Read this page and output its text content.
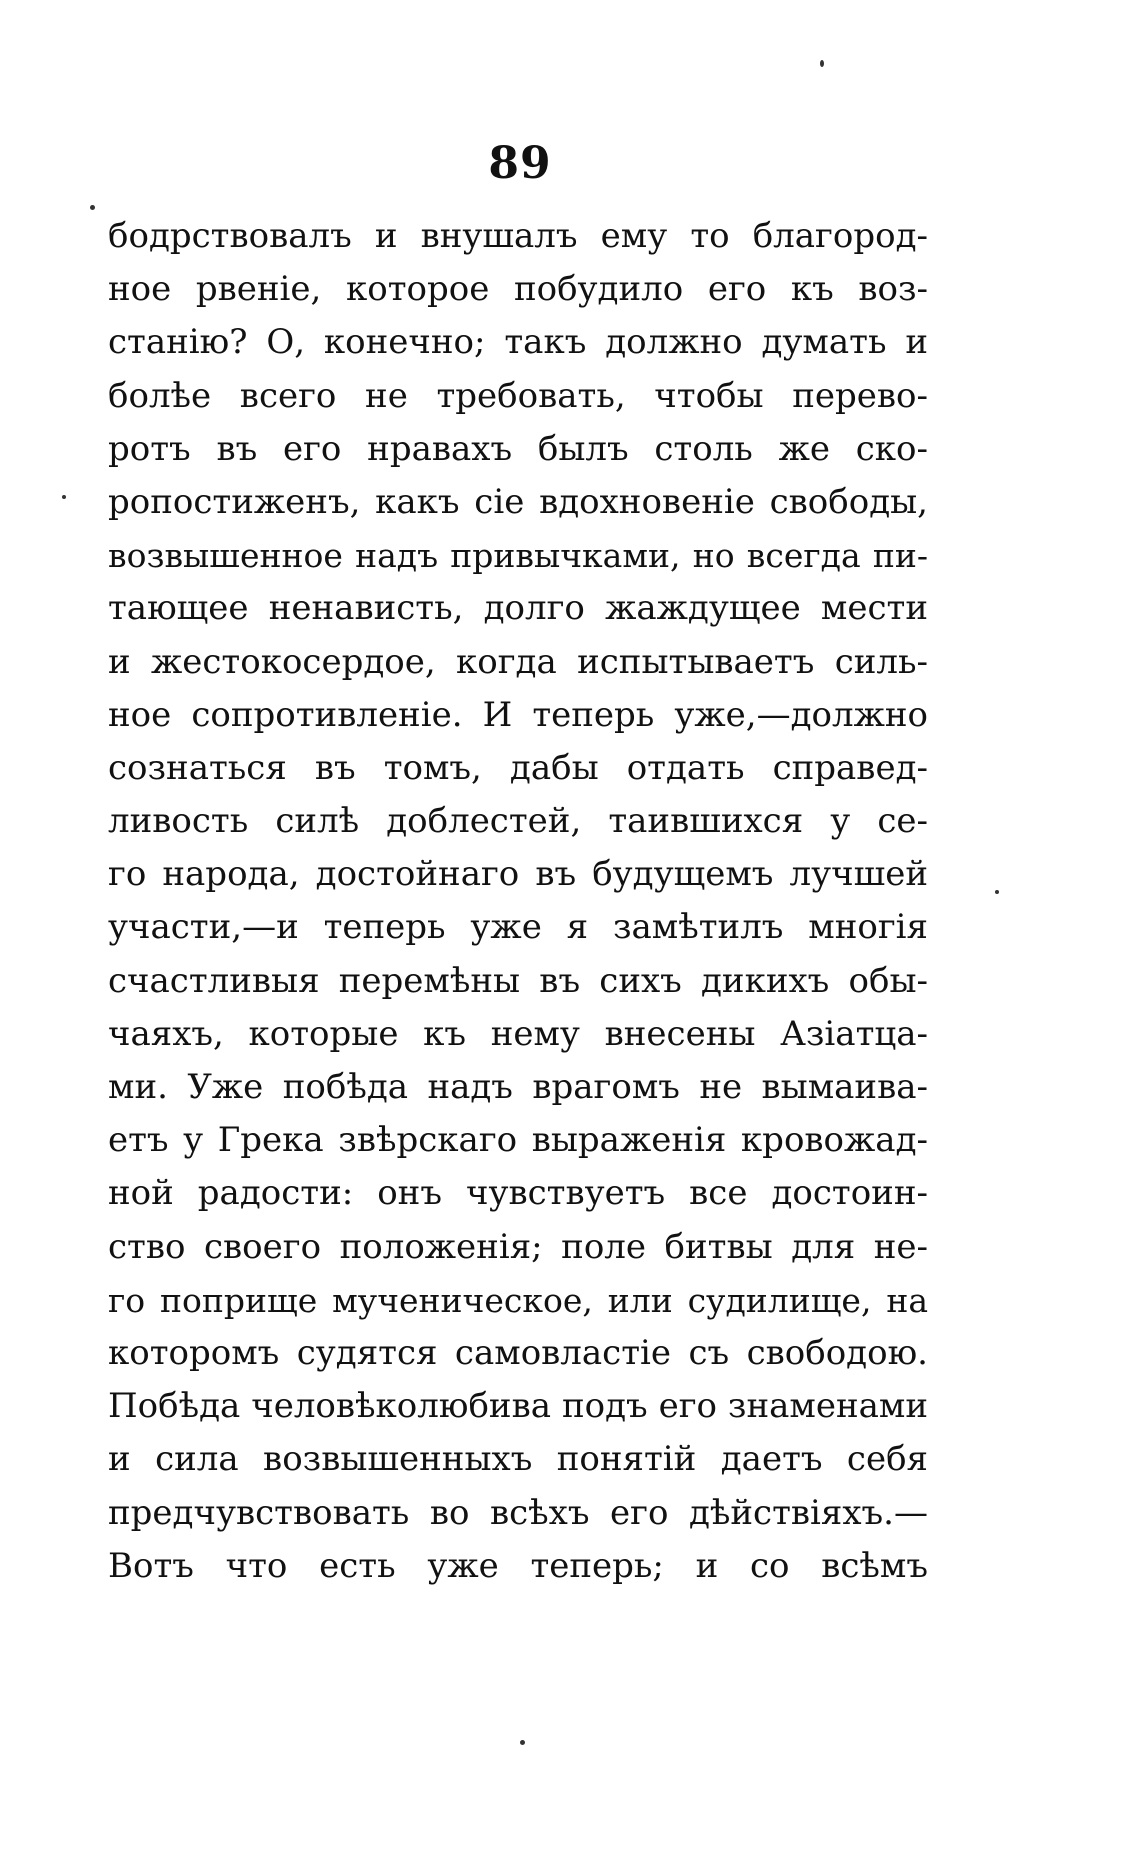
89
бодрствовалъ и внушалъ ему то благород-
ное рвеніе, которое побудило его къ воз-
станію? О, конечно; такъ должно думать и
болѣе всего не требовать, чтобы перево-
ротъ въ его нравахъ былъ столь же ско-
ропостиженъ, какъ сіе вдохновеніе свободы,
возвышенное надъ привычками, но всегда пи-
тающее ненависть, долго жаждущее мести
и жестокосердое, когда испытываетъ силь-
ное сопротивленіе. И теперь уже,—должно
сознаться въ томъ, дабы отдать справед-
ливость силѣ доблестей, таившихся у се-
го народа, достойнаго въ будущемъ лучшей
участи,—и теперь уже я замѣтилъ многія
счастливыя перемѣны въ сихъ дикихъ обы-
чаяхъ, которые къ нему внесены Азіатца-
ми. Уже побѣда надъ врагомъ не вымаива-
етъ у Грека звѣрскаго выраженія кровожад-
ной радости: онъ чувствуетъ все достоин-
ство своего положенія; поле битвы для не-
го поприще мученическое, или судилище, на
которомъ судятся самовластіе съ свободою.
Побѣда человѣколюбива подъ его знаменами
и сила возвышенныхъ понятій даетъ себя
предчувствовать во всѣхъ его дѣйствіяхъ.—
Вотъ что есть уже теперь; и со всѣмъ
